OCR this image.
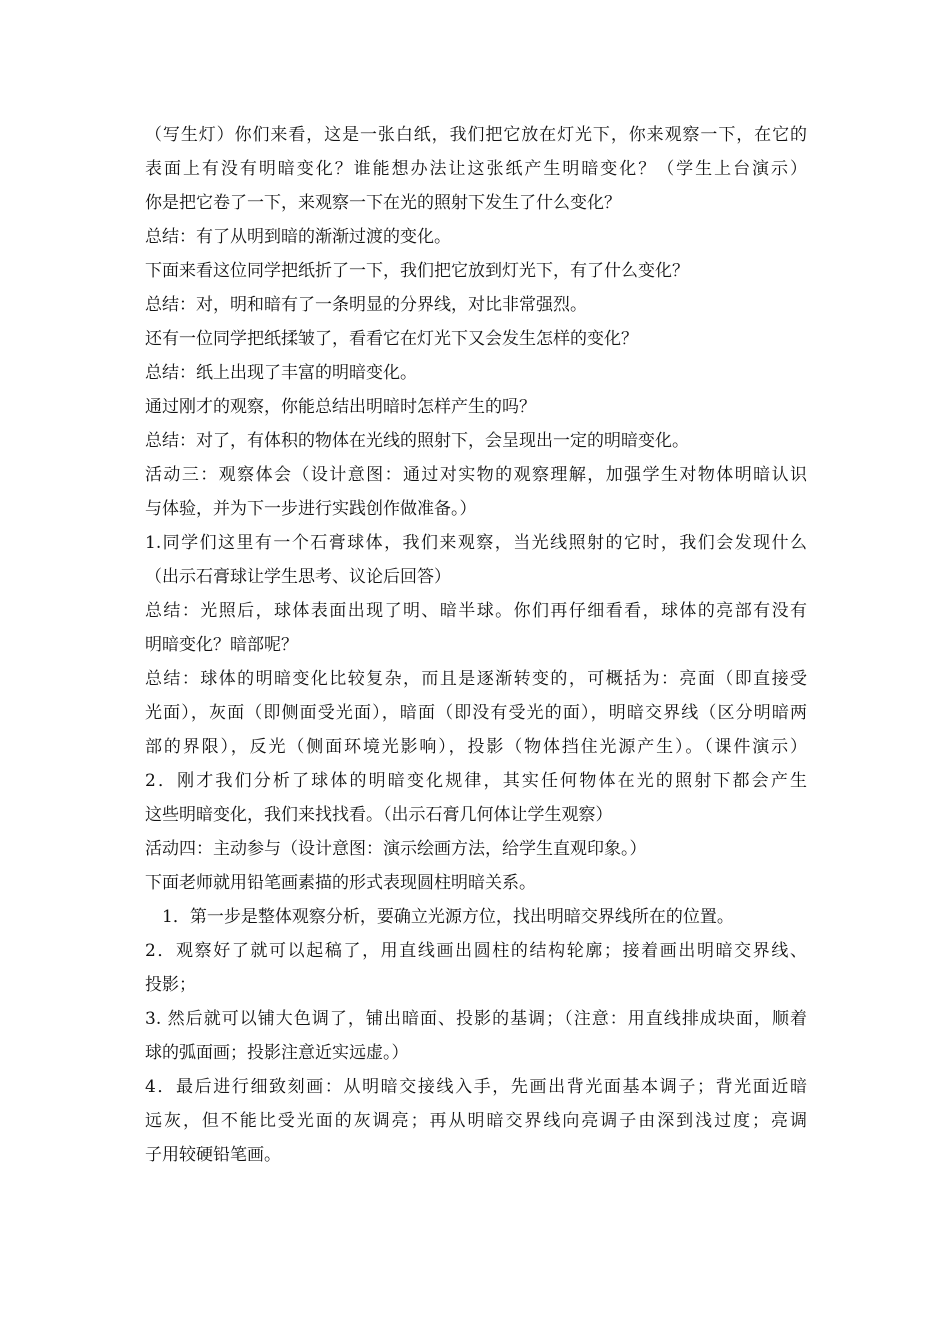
（写生灯）你们来看，这是一张白纸，我们把它放在灯光下，你来观察一下，在它的
表面上有没有明暗变化？谁能想办法让这张纸产生明暗变化？（学生上台演示）
你是把它卷了一下，来观察一下在光的照射下发生了什么变化？
总结：有了从明到暗的渐渐过渡的变化。
下面来看这位同学把纸折了一下，我们把它放到灯光下，有了什么变化？
总结：对，明和暗有了一条明显的分界线，对比非常强烈。
还有一位同学把纸揉皱了，看看它在灯光下又会发生怎样的变化？
总结：纸上出现了丰富的明暗变化。
通过刚才的观察，你能总结出明暗时怎样产生的吗？
总结：对了，有体积的物体在光线的照射下，会呈现出一定的明暗变化。
活动三：观察体会（设计意图：通过对实物的观察理解，加强学生对物体明暗认识
与体验，并为下一步进行实践创作做准备。）
1.同学们这里有一个石膏球体，我们来观察，当光线照射的它时，我们会发现什么
（出示石膏球让学生思考、议论后回答）
总结：光照后，球体表面出现了明、暗半球。你们再仔细看看，球体的亮部有没有
明暗变化？暗部呢？
总结：球体的明暗变化比较复杂，而且是逐渐转变的，可概括为：亮面（即直接受
光面），灰面（即侧面受光面），暗面（即没有受光的面），明暗交界线（区分明暗两
部的界限），反光（侧面环境光影响），投影（物体挡住光源产生）。（课件演示）
2．刚才我们分析了球体的明暗变化规律，其实任何物体在光的照射下都会产生
这些明暗变化，我们来找找看。（出示石膏几何体让学生观察）
活动四：主动参与（设计意图：演示绘画方法，给学生直观印象。）
下面老师就用铅笔画素描的形式表现圆柱明暗关系。
1．第一步是整体观察分析，要确立光源方位，找出明暗交界线所在的位置。
2．观察好了就可以起稿了，用直线画出圆柱的结构轮廓；接着画出明暗交界线、
投影；
3. 然后就可以铺大色调了，铺出暗面、投影的基调；（注意：用直线排成块面，顺着
球的弧面画；投影注意近实远虚。）
4．最后进行细致刻画：从明暗交接线入手，先画出背光面基本调子；背光面近暗
远灰，但不能比受光面的灰调亮；再从明暗交界线向亮调子由深到浅过度；亮调
子用较硬铅笔画。
